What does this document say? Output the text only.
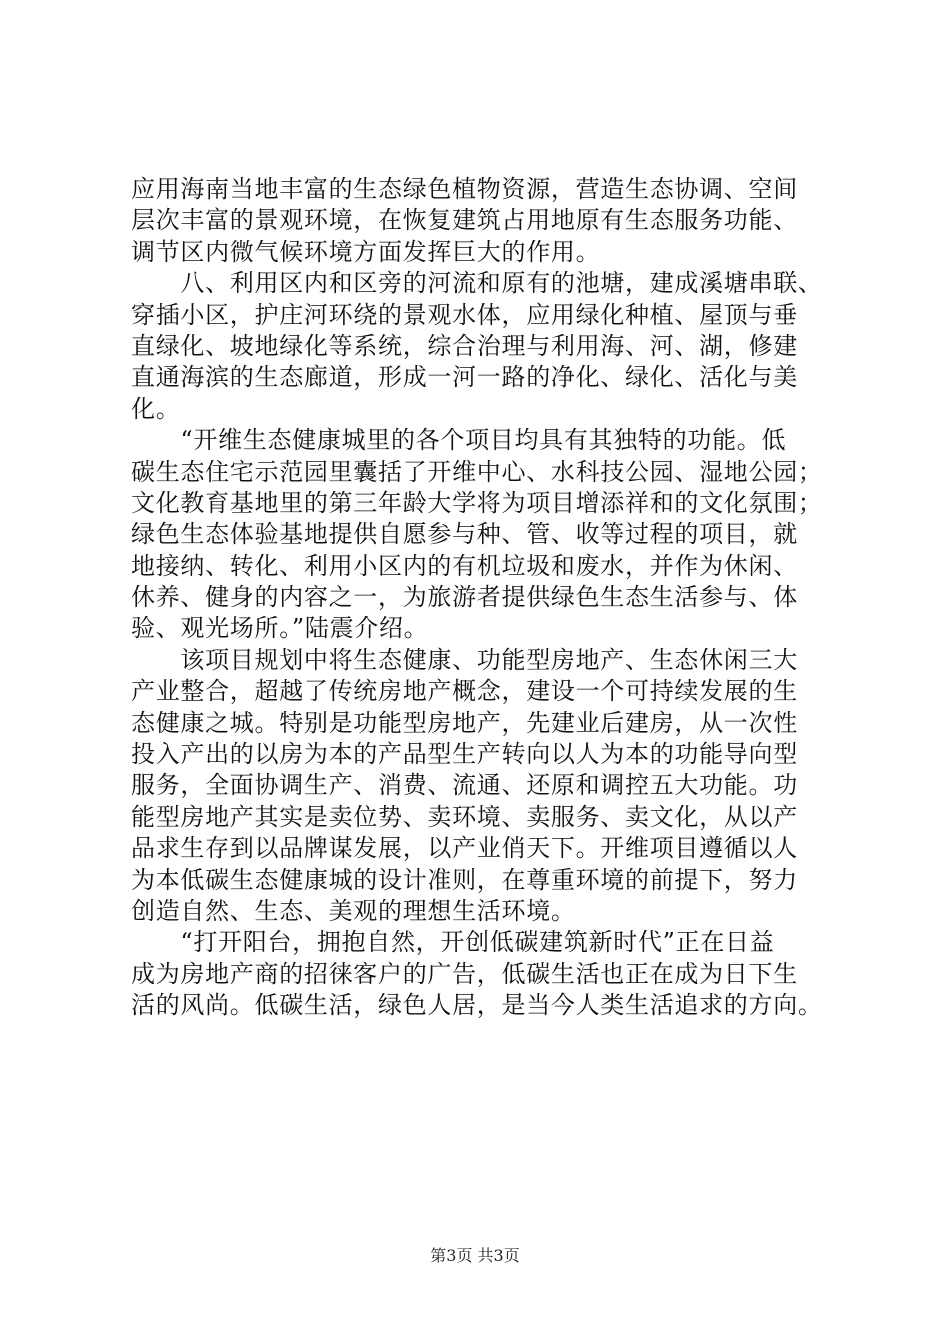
应用海南当地丰富的生态绿色植物资源，营造生态协调、空间
层次丰富的景观环境，在恢复建筑占用地原有生态服务功能、
调节区内微气候环境方面发挥巨大的作用。
　　八、利用区内和区旁的河流和原有的池塘，建成溪塘串联、
穿插小区，护庄河环绕的景观水体，应用绿化种植、屋顶与垂
直绿化、坡地绿化等系统，综合治理与利用海、河、湖，修建
直通海滨的生态廊道，形成一河一路的净化、绿化、活化与美
化。
　　“开维生态健康城里的各个项目均具有其独特的功能。低
碳生态住宅示范园里囊括了开维中心、水科技公园、湿地公园；
文化教育基地里的第三年龄大学将为项目增添祥和的文化氛围；
绿色生态体验基地提供自愿参与种、管、收等过程的项目，就
地接纳、转化、利用小区内的有机垃圾和废水，并作为休闲、
休养、健身的内容之一，为旅游者提供绿色生态生活参与、体
验、观光场所。”陆震介绍。
　　该项目规划中将生态健康、功能型房地产、生态休闲三大
产业整合，超越了传统房地产概念，建设一个可持续发展的生
态健康之城。特别是功能型房地产，先建业后建房，从一次性
投入产出的以房为本的产品型生产转向以人为本的功能导向型
服务，全面协调生产、消费、流通、还原和调控五大功能。功
能型房地产其实是卖位势、卖环境、卖服务、卖文化，从以产
品求生存到以品牌谋发展，以产业俏天下。开维项目遵循以人
为本低碳生态健康城的设计准则，在尊重环境的前提下，努力
创造自然、生态、美观的理想生活环境。
　　“打开阳台，拥抱自然，开创低碳建筑新时代”正在日益
成为房地产商的招徕客户的广告，低碳生活也正在成为日下生
活的风尚。低碳生活，绿色人居，是当今人类生活追求的方向。
第3页 共3页
